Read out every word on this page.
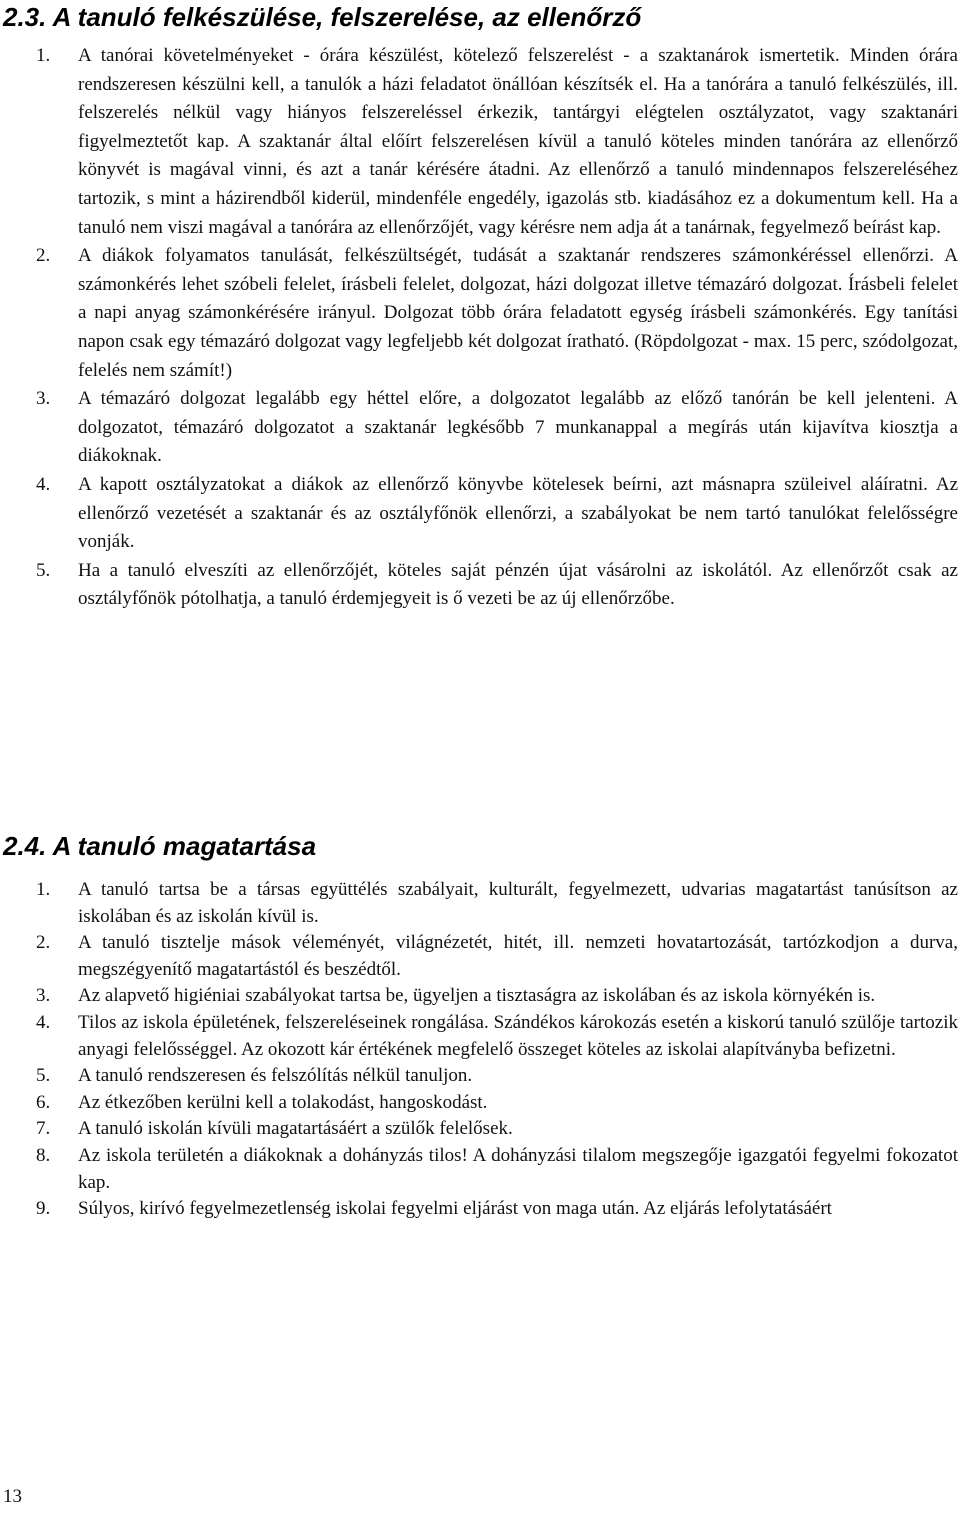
2.3. A tanuló felkészülése, felszerelése, az ellenőrző
1. A tanórai követelményeket - órára készülést, kötelező felszerelést - a szaktanárok ismertetik. Minden órára rendszeresen készülni kell, a tanulók a házi feladatot önállóan készítsék el. Ha a tanórára a tanuló felkészülés, ill. felszerelés nélkül vagy hiányos felszereléssel érkezik, tantárgyi elégtelen osztályzatot, vagy szaktanári figyelmeztetőt kap. A szaktanár által előírt felszerelésen kívül a tanuló köteles minden tanórára az ellenőrző könyvét is magával vinni, és azt a tanár kérésére átadni. Az ellenőrző a tanuló mindennapos felszereléséhez tartozik, s mint a házirendből kiderül, mindenféle engedély, igazolás stb. kiadásához ez a dokumentum kell. Ha a tanuló nem viszi magával a tanórára az ellenőrzőjét, vagy kérésre nem adja át a tanárnak, fegyelmező beírást kap.
2. A diákok folyamatos tanulását, felkészültségét, tudását a szaktanár rendszeres számonkéréssel ellenőrzi. A számonkérés lehet szóbeli felelet, írásbeli felelet, dolgozat, házi dolgozat illetve témazáró dolgozat. Írásbeli felelet a napi anyag számonkérésére irányul. Dolgozat több órára feladatott egység írásbeli számonkérés. Egy tanítási napon csak egy témazáró dolgozat vagy legfeljebb két dolgozat íratható. (Röpdolgozat - max. 15 perc, szódolgozat, felelés nem számít!)
3. A témazáró dolgozat legalább egy héttel előre, a dolgozatot legalább az előző tanórán be kell jelenteni. A dolgozatot, témazáró dolgozatot a szaktanár legkésőbb 7 munkanappal a megírás után kijavítva kiosztja a diákoknak.
4. A kapott osztályzatokat a diákok az ellenőrző könyvbe kötelesek beírni, azt másnapra szüleivel aláíratni. Az ellenőrző vezetését a szaktanár és az osztályfőnök ellenőrzi, a szabályokat be nem tartó tanulókat felelősségre vonják.
5. Ha a tanuló elveszíti az ellenőrzőjét, köteles saját pénzén újat vásárolni az iskolától. Az ellenőrzőt csak az osztályfőnök pótolhatja, a tanuló érdemjegyeit is ő vezeti be az új ellenőrzőbe.
2.4. A tanuló magatartása
1. A tanuló tartsa be a társas együttélés szabályait, kulturált, fegyelmezett, udvarias magatartást tanúsítson az iskolában és az iskolán kívül is.
2. A tanuló tisztelje mások véleményét, világnézetét, hitét, ill. nemzeti hovatartozását, tartózkodjon a durva, megszégyenítő magatartástól és beszédtől.
3. Az alapvető higiéniai szabályokat tartsa be, ügyeljen a tisztaságra az iskolában és az iskola környékén is.
4. Tilos az iskola épületének, felszereléseinek rongálása. Szándékos károkozás esetén a kiskorú tanuló szülője tartozik anyagi felelősséggel. Az okozott kár értékének megfelelő összeget köteles az iskolai alapítványba befizetni.
5. A tanuló rendszeresen és felszólítás nélkül tanuljon.
6. Az étkezőben kerülni kell a tolakodást, hangoskodást.
7. A tanuló iskolán kívüli magatartásáért a szülők felelősek.
8. Az iskola területén a diákoknak a dohányzás tilos! A dohányzási tilalom megszegője igazgatói fegyelmi fokozatot kap.
9. Súlyos, kirívó fegyelmezetlenség iskolai fegyelmi eljárást von maga után. Az eljárás lefolytatásáért
13
